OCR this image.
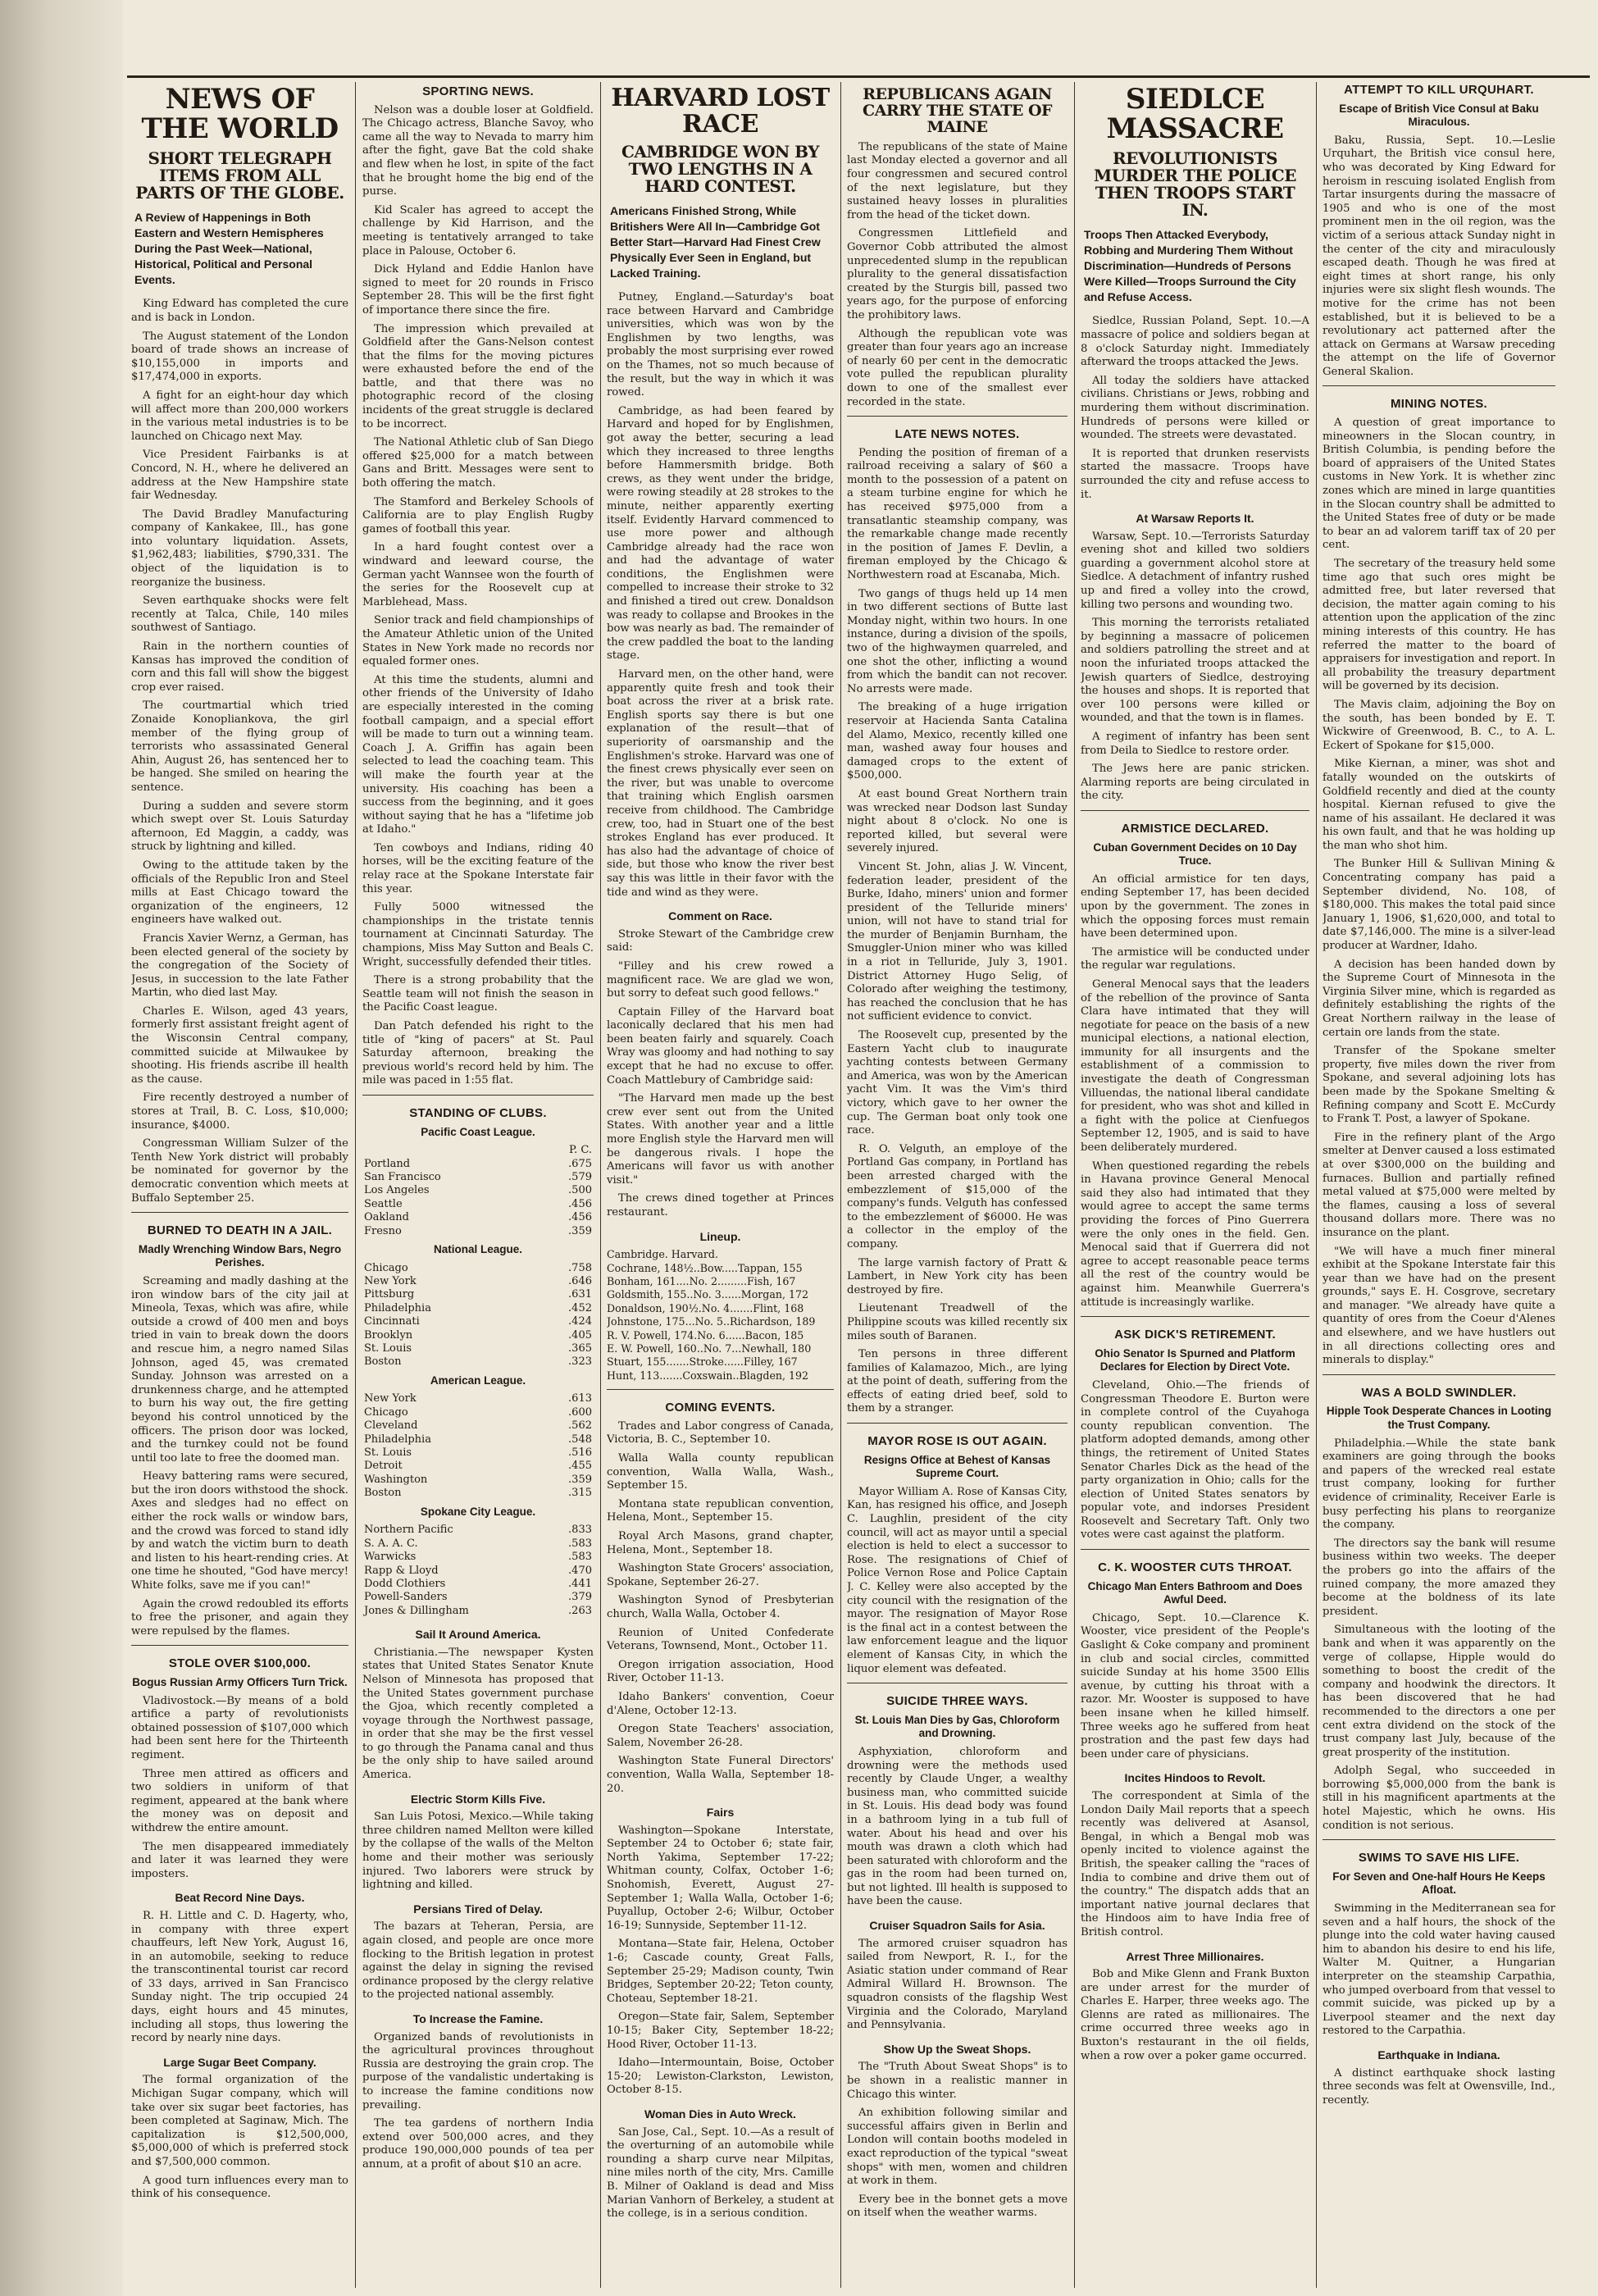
NEWS OF THE WORLD
SHORT TELEGRAPH ITEMS FROM ALL PARTS OF THE GLOBE.
A Review of Happenings in Both Eastern and Western Hemispheres During the Past Week—National, Historical, Political and Personal Events.

King Edward has completed the cure and is back in London.

The August statement of the London board of trade shows an increase of $10,155,000 in imports and $17,474,000 in exports.

A fight for an eight-hour day which will affect more than 200,000 workers in the various metal industries is to be launched on Chicago next May.

Vice President Fairbanks is at Concord, N. H., where he delivered an address at the New Hampshire state fair Wednesday.

The David Bradley Manufacturing company of Kankakee, Ill., has gone into voluntary liquidation. Assets, $1,962,483; liabilities, $790,331. The object of the liquidation is to reorganize the business.

Seven earthquake shocks were felt recently at Talca, Chile, 140 miles southwest of Santiago.

Rain in the northern counties of Kansas has improved the condition of corn and this fall will show the biggest crop ever raised.

The courtmartial which tried Zonaide Konopliankova, the girl member of the flying group of terrorists who assassinated General Ahin, August 26, has sentenced her to be hanged. She smiled on hearing the sentence.

During a sudden and severe storm which swept over St. Louis Saturday afternoon, Ed Maggin, a caddy, was struck by lightning and killed.

Owing to the attitude taken by the officials of the Republic Iron and Steel mills at East Chicago toward the organization of the engineers, 12 engineers have walked out.

Francis Xavier Wernz, a German, has been elected general of the society by the congregation of the Society of Jesus, in succession to the late Father Martin, who died last May.

Charles E. Wilson, aged 43 years, formerly first assistant freight agent of the Wisconsin Central company, committed suicide at Milwaukee by shooting. His friends ascribe ill health as the cause.

Fire recently destroyed a number of stores at Trail, B. C. Loss, $10,000; insurance, $4000.

Congressman William Sulzer of the Tenth New York district will probably be nominated for governor by the democratic convention which meets at Buffalo September 25.

BURNED TO DEATH IN A JAIL.
Madly Wrenching Window Bars, Negro Perishes.

Screaming and madly dashing at the iron window bars of the city jail at Mineola, Texas, which was afire, while outside a crowd of 400 men and boys tried in vain to break down the doors and rescue him, a negro named Silas Johnson, aged 45, was cremated Sunday. Johnson was arrested on a drunkenness charge, and he attempted to burn his way out, the fire getting beyond his control unnoticed by the officers. The prison door was locked, and the turnkey could not be found until too late to free the doomed man.

Heavy battering rams were secured, but the iron doors withstood the shock. Axes and sledges had no effect on either the rock walls or window bars, and the crowd was forced to stand idly by and watch the victim burn to death and listen to his heart-rending cries. At one time he shouted, "God have mercy! White folks, save me if you can!"

Again the crowd redoubled its efforts to free the prisoner, and again they were repulsed by the flames.

STOLE OVER $100,000.
Bogus Russian Army Officers Turn Trick.

Vladivostock.—By means of a bold artifice a party of revolutionists obtained possession of $107,000 which had been sent here for the Thirteenth regiment.

Three men attired as officers and two soldiers in uniform of that regiment, appeared at the bank where the money was on deposit and withdrew the entire amount.

The men disappeared immediately and later it was learned they were imposters.

Beat Record Nine Days.

R. H. Little and C. D. Hagerty, who, in company with three expert chauffeurs, left New York, August 16, in an automobile, seeking to reduce the transcontinental tourist car record of 33 days, arrived in San Francisco Sunday night. The trip occupied 24 days, eight hours and 45 minutes, including all stops, thus lowering the record by nearly nine days.

Large Sugar Beet Company.

The formal organization of the Michigan Sugar company, which will take over six sugar beet factories, has been completed at Saginaw, Mich. The capitalization is $12,500,000, $5,000,000 of which is preferred stock and $7,500,000 common.

A good turn influences every man to think of his consequence.

SPORTING NEWS.

Nelson was a double loser at Goldfield. The Chicago actress, Blanche Savoy, who came all the way to Nevada to marry him after the fight, gave Bat the cold shake and flew when he lost, in spite of the fact that he brought home the big end of the purse.

Kid Scaler has agreed to accept the challenge by Kid Harrison, and the meeting is tentatively arranged to take place in Palouse, October 6.

Dick Hyland and Eddie Hanlon have signed to meet for 20 rounds in Frisco September 28. This will be the first fight of importance there since the fire.

The impression which prevailed at Goldfield after the Gans-Nelson contest that the films for the moving pictures were exhausted before the end of the battle, and that there was no photographic record of the closing incidents of the great struggle is declared to be incorrect.

The National Athletic club of San Diego offered $25,000 for a match between Gans and Britt. Messages were sent to both offering the match.

The Stamford and Berkeley Schools of California are to play English Rugby games of football this year.

In a hard fought contest over a windward and leeward course, the German yacht Wannsee won the fourth of the series for the Roosevelt cup at Marblehead, Mass.

Senior track and field championships of the Amateur Athletic union of the United States in New York made no records nor equaled former ones.

At this time the students, alumni and other friends of the University of Idaho are especially interested in the coming football campaign, and a special effort will be made to turn out a winning team. Coach J. A. Griffin has again been selected to lead the coaching team. This will make the fourth year at the university. His coaching has been a success from the beginning, and it goes without saying that he has a "lifetime job at Idaho."

Ten cowboys and Indians, riding 40 horses, will be the exciting feature of the relay race at the Spokane Interstate fair this year.

Fully 5000 witnessed the championships in the tristate tennis tournament at Cincinnati Saturday. The champions, Miss May Sutton and Beals C. Wright, successfully defended their titles.

There is a strong probability that the Seattle team will not finish the season in the Pacific Coast league.

Dan Patch defended his right to the title of "king of pacers" at St. Paul Saturday afternoon, breaking the previous world's record held by him. The mile was paced in 1:55 flat.

STANDING OF CLUBS.
Pacific Coast League.
	P. C.
Portland	.675
San Francisco	.579
Los Angeles	.500
Seattle	.456
Oakland	.456
Fresno	.359
National League.
Chicago	.758
New York	.646
Pittsburg	.631
Philadelphia	.452
Cincinnati	.424
Brooklyn	.405
St. Louis	.365
Boston	.323
American League.
New York	.613
Chicago	.600
Cleveland	.562
Philadelphia	.548
St. Louis	.516
Detroit	.455
Washington	.359
Boston	.315
Spokane City League.
Northern Pacific	.833
S. A. A. C.	.583
Warwicks	.583
Rapp & Lloyd	.470
Dodd Clothiers	.441
Powell-Sanders	.379
Jones & Dillingham	.263
Sail It Around America.

Christiania.—The newspaper Kysten states that United States Senator Knute Nelson of Minnesota has proposed that the United States government purchase the Gjoa, which recently completed a voyage through the Northwest passage, in order that she may be the first vessel to go through the Panama canal and thus be the only ship to have sailed around America.

Electric Storm Kills Five.

San Luis Potosi, Mexico.—While taking three children named Mellton were killed by the collapse of the walls of the Melton home and their mother was seriously injured. Two laborers were struck by lightning and killed.

Persians Tired of Delay.

The bazars at Teheran, Persia, are again closed, and people are once more flocking to the British legation in protest against the delay in signing the revised ordinance proposed by the clergy relative to the projected national assembly.

To Increase the Famine.

Organized bands of revolutionists in the agricultural provinces throughout Russia are destroying the grain crop. The purpose of the vandalistic undertaking is to increase the famine conditions now prevailing.

The tea gardens of northern India extend over 500,000 acres, and they produce 190,000,000 pounds of tea per annum, at a profit of about $10 an acre.

HARVARD LOST RACE
CAMBRIDGE WON BY TWO LENGTHS IN A HARD CONTEST.
Americans Finished Strong, While Britishers Were All In—Cambridge Got Better Start—Harvard Had Finest Crew Physically Ever Seen in England, but Lacked Training.

Putney, England.—Saturday's boat race between Harvard and Cambridge universities, which was won by the Englishmen by two lengths, was probably the most surprising ever rowed on the Thames, not so much because of the result, but the way in which it was rowed.

Cambridge, as had been feared by Harvard and hoped for by Englishmen, got away the better, securing a lead which they increased to three lengths before Hammersmith bridge. Both crews, as they went under the bridge, were rowing steadily at 28 strokes to the minute, neither apparently exerting itself. Evidently Harvard commenced to use more power and although Cambridge already had the race won and had the advantage of water conditions, the Englishmen were compelled to increase their stroke to 32 and finished a tired out crew. Donaldson was ready to collapse and Brookes in the bow was nearly as bad. The remainder of the crew paddled the boat to the landing stage.

Harvard men, on the other hand, were apparently quite fresh and took their boat across the river at a brisk rate. English sports say there is but one explanation of the result—that of superiority of oarsmanship and the Englishmen's stroke. Harvard was one of the finest crews physically ever seen on the river, but was unable to overcome that training which English oarsmen receive from childhood. The Cambridge crew, too, had in Stuart one of the best strokes England has ever produced. It has also had the advantage of choice of side, but those who know the river best say this was little in their favor with the tide and wind as they were.

Comment on Race.

Stroke Stewart of the Cambridge crew said:

"Filley and his crew rowed a magnificent race. We are glad we won, but sorry to defeat such good fellows."

Captain Filley of the Harvard boat laconically declared that his men had been beaten fairly and squarely. Coach Wray was gloomy and had nothing to say except that he had no excuse to offer. Coach Mattlebury of Cambridge said:

"The Harvard men made up the best crew ever sent out from the United States. With another year and a little more English style the Harvard men will be dangerous rivals. I hope the Americans will favor us with another visit."

The crews dined together at Princes restaurant.

Lineup.
Cambridge. Harvard.
Cochrane, 148½..Bow.....Tappan, 155
Bonham, 161....No. 2.........Fish, 167
Goldsmith, 155..No. 3......Morgan, 172
Donaldson, 190½.No. 4.......Flint, 168
Johnstone, 175...No. 5..Richardson, 189
R. V. Powell, 174.No. 6......Bacon, 185
E. W. Powell, 160..No. 7...Newhall, 180
Stuart, 155.......Stroke......Filley, 167
Hunt, 113.......Coxswain..Blagden, 192
COMING EVENTS.

Trades and Labor congress of Canada, Victoria, B. C., September 10.

Walla Walla county republican convention, Walla Walla, Wash., September 15.

Montana state republican convention, Helena, Mont., September 15.

Royal Arch Masons, grand chapter, Helena, Mont., September 18.

Washington State Grocers' association, Spokane, September 26-27.

Washington Synod of Presbyterian church, Walla Walla, October 4.

Reunion of United Confederate Veterans, Townsend, Mont., October 11.

Oregon irrigation association, Hood River, October 11-13.

Idaho Bankers' convention, Coeur d'Alene, October 12-13.

Oregon State Teachers' association, Salem, November 26-28.

Washington State Funeral Directors' convention, Walla Walla, September 18-20.

Fairs

Washington—Spokane Interstate, September 24 to October 6; state fair, North Yakima, September 17-22; Whitman county, Colfax, October 1-6; Snohomish, Everett, August 27-September 1; Walla Walla, October 1-6; Puyallup, October 2-6; Wilbur, October 16-19; Sunnyside, September 11-12.

Montana—State fair, Helena, October 1-6; Cascade county, Great Falls, September 25-29; Madison county, Twin Bridges, September 20-22; Teton county, Choteau, September 18-21.

Oregon—State fair, Salem, September 10-15; Baker City, September 18-22; Hood River, October 11-13.

Idaho—Intermountain, Boise, October 15-20; Lewiston-Clarkston, Lewiston, October 8-15.

Woman Dies in Auto Wreck.

San Jose, Cal., Sept. 10.—As a result of the overturning of an automobile while rounding a sharp curve near Milpitas, nine miles north of the city, Mrs. Camille B. Milner of Oakland is dead and Miss Marian Vanhorn of Berkeley, a student at the college, is in a serious condition.

REPUBLICANS AGAIN CARRY THE STATE OF MAINE

The republicans of the state of Maine last Monday elected a governor and all four congressmen and secured control of the next legislature, but they sustained heavy losses in pluralities from the head of the ticket down.

Congressmen Littlefield and Governor Cobb attributed the almost unprecedented slump in the republican plurality to the general dissatisfaction created by the Sturgis bill, passed two years ago, for the purpose of enforcing the prohibitory laws.

Although the republican vote was greater than four years ago an increase of nearly 60 per cent in the democratic vote pulled the republican plurality down to one of the smallest ever recorded in the state.

LATE NEWS NOTES.

Pending the position of fireman of a railroad receiving a salary of $60 a month to the possession of a patent on a steam turbine engine for which he has received $975,000 from a transatlantic steamship company, was the remarkable change made recently in the position of James F. Devlin, a fireman employed by the Chicago & Northwestern road at Escanaba, Mich.

Two gangs of thugs held up 14 men in two different sections of Butte last Monday night, within two hours. In one instance, during a division of the spoils, two of the highwaymen quarreled, and one shot the other, inflicting a wound from which the bandit can not recover. No arrests were made.

The breaking of a huge irrigation reservoir at Hacienda Santa Catalina del Alamo, Mexico, recently killed one man, washed away four houses and damaged crops to the extent of $500,000.

At east bound Great Northern train was wrecked near Dodson last Sunday night about 8 o'clock. No one is reported killed, but several were severely injured.

Vincent St. John, alias J. W. Vincent, federation leader, president of the Burke, Idaho, miners' union and former president of the Telluride miners' union, will not have to stand trial for the murder of Benjamin Burnham, the Smuggler-Union miner who was killed in a riot in Telluride, July 3, 1901. District Attorney Hugo Selig, of Colorado after weighing the testimony, has reached the conclusion that he has not sufficient evidence to convict.

The Roosevelt cup, presented by the Eastern Yacht club to inaugurate yachting contests between Germany and America, was won by the American yacht Vim. It was the Vim's third victory, which gave to her owner the cup. The German boat only took one race.

R. O. Velguth, an employe of the Portland Gas company, in Portland has been arrested charged with the embezzlement of $15,000 of the company's funds. Velguth has confessed to the embezzlement of $6000. He was a collector in the employ of the company.

The large varnish factory of Pratt & Lambert, in New York city has been destroyed by fire.

Lieutenant Treadwell of the Philippine scouts was killed recently six miles south of Baranen.

Ten persons in three different families of Kalamazoo, Mich., are lying at the point of death, suffering from the effects of eating dried beef, sold to them by a stranger.

MAYOR ROSE IS OUT AGAIN.
Resigns Office at Behest of Kansas Supreme Court.

Mayor William A. Rose of Kansas City, Kan, has resigned his office, and Joseph C. Laughlin, president of the city council, will act as mayor until a special election is held to elect a successor to Rose. The resignations of Chief of Police Vernon Rose and Police Captain J. C. Kelley were also accepted by the city council with the resignation of the mayor. The resignation of Mayor Rose is the final act in a contest between the law enforcement league and the liquor element of Kansas City, in which the liquor element was defeated.

SUICIDE THREE WAYS.
St. Louis Man Dies by Gas, Chloroform and Drowning.

Asphyxiation, chloroform and drowning were the methods used recently by Claude Unger, a wealthy business man, who committed suicide in St. Louis. His dead body was found in a bathroom lying in a tub full of water. About his head and over his mouth was drawn a cloth which had been saturated with chloroform and the gas in the room had been turned on, but not lighted. Ill health is supposed to have been the cause.

Cruiser Squadron Sails for Asia.

The armored cruiser squadron has sailed from Newport, R. I., for the Asiatic station under command of Rear Admiral Willard H. Brownson. The squadron consists of the flagship West Virginia and the Colorado, Maryland and Pennsylvania.

Show Up the Sweat Shops.

The "Truth About Sweat Shops" is to be shown in a realistic manner in Chicago this winter.

An exhibition following similar and successful affairs given in Berlin and London will contain booths modeled in exact reproduction of the typical "sweat shops" with men, women and children at work in them.

Every bee in the bonnet gets a move on itself when the weather warms.

SIEDLCE MASSACRE
REVOLUTIONISTS MURDER THE POLICE THEN TROOPS START IN.
Troops Then Attacked Everybody, Robbing and Murdering Them Without Discrimination—Hundreds of Persons Were Killed—Troops Surround the City and Refuse Access.

Siedlce, Russian Poland, Sept. 10.—A massacre of police and soldiers began at 8 o'clock Saturday night. Immediately afterward the troops attacked the Jews.

All today the soldiers have attacked civilians. Christians or Jews, robbing and murdering them without discrimination. Hundreds of persons were killed or wounded. The streets were devastated.

It is reported that drunken reservists started the massacre. Troops have surrounded the city and refuse access to it.

At Warsaw Reports It.

Warsaw, Sept. 10.—Terrorists Saturday evening shot and killed two soldiers guarding a government alcohol store at Siedlce. A detachment of infantry rushed up and fired a volley into the crowd, killing two persons and wounding two.

This morning the terrorists retaliated by beginning a massacre of policemen and soldiers patrolling the street and at noon the infuriated troops attacked the Jewish quarters of Siedlce, destroying the houses and shops. It is reported that over 100 persons were killed or wounded, and that the town is in flames.

A regiment of infantry has been sent from Deila to Siedlce to restore order.

The Jews here are panic stricken. Alarming reports are being circulated in the city.

ARMISTICE DECLARED.
Cuban Government Decides on 10 Day Truce.

An official armistice for ten days, ending September 17, has been decided upon by the government. The zones in which the opposing forces must remain have been determined upon.

The armistice will be conducted under the regular war regulations.

General Menocal says that the leaders of the rebellion of the province of Santa Clara have intimated that they will negotiate for peace on the basis of a new municipal elections, a national election, immunity for all insurgents and the establishment of a commission to investigate the death of Congressman Villuendas, the national liberal candidate for president, who was shot and killed in a fight with the police at Cienfuegos September 12, 1905, and is said to have been deliberately murdered.

When questioned regarding the rebels in Havana province General Menocal said they also had intimated that they would agree to accept the same terms providing the forces of Pino Guerrera were the only ones in the field. Gen. Menocal said that if Guerrera did not agree to accept reasonable peace terms all the rest of the country would be against him. Meanwhile Guerrera's attitude is increasingly warlike.

ASK DICK'S RETIREMENT.
Ohio Senator Is Spurned and Platform Declares for Election by Direct Vote.

Cleveland, Ohio.—The friends of Congressman Theodore E. Burton were in complete control of the Cuyahoga county republican convention. The platform adopted demands, among other things, the retirement of United States Senator Charles Dick as the head of the party organization in Ohio; calls for the election of United States senators by popular vote, and indorses President Roosevelt and Secretary Taft. Only two votes were cast against the platform.

C. K. WOOSTER CUTS THROAT.
Chicago Man Enters Bathroom and Does Awful Deed.

Chicago, Sept. 10.—Clarence K. Wooster, vice president of the People's Gaslight & Coke company and prominent in club and social circles, committed suicide Sunday at his home 3500 Ellis avenue, by cutting his throat with a razor. Mr. Wooster is supposed to have been insane when he killed himself. Three weeks ago he suffered from heat prostration and the past few days had been under care of physicians.

Incites Hindoos to Revolt.

The correspondent at Simla of the London Daily Mail reports that a speech recently was delivered at Asansol, Bengal, in which a Bengal mob was openly incited to violence against the British, the speaker calling the "races of India to combine and drive them out of the country." The dispatch adds that an important native journal declares that the Hindoos aim to have India free of British control.

Arrest Three Millionaires.

Bob and Mike Glenn and Frank Buxton are under arrest for the murder of Charles E. Harper, three weeks ago. The Glenns are rated as millionaires. The crime occurred three weeks ago in Buxton's restaurant in the oil fields, when a row over a poker game occurred.

ATTEMPT TO KILL URQUHART.
Escape of British Vice Consul at Baku Miraculous.

Baku, Russia, Sept. 10.—Leslie Urquhart, the British vice consul here, who was decorated by King Edward for heroism in rescuing isolated English from Tartar insurgents during the massacre of 1905 and who is one of the most prominent men in the oil region, was the victim of a serious attack Sunday night in the center of the city and miraculously escaped death. Though he was fired at eight times at short range, his only injuries were six slight flesh wounds. The motive for the crime has not been established, but it is believed to be a revolutionary act patterned after the attack on Germans at Warsaw preceding the attempt on the life of Governor General Skalion.

MINING NOTES.

A question of great importance to mineowners in the Slocan country, in British Columbia, is pending before the board of appraisers of the United States customs in New York. It is whether zinc zones which are mined in large quantities in the Slocan country shall be admitted to the United States free of duty or be made to bear an ad valorem tariff tax of 20 per cent.

The secretary of the treasury held some time ago that such ores might be admitted free, but later reversed that decision, the matter again coming to his attention upon the application of the zinc mining interests of this country. He has referred the matter to the board of appraisers for investigation and report. In all probability the treasury department will be governed by its decision.

The Mavis claim, adjoining the Boy on the south, has been bonded by E. T. Wickwire of Greenwood, B. C., to A. L. Eckert of Spokane for $15,000.

Mike Kiernan, a miner, was shot and fatally wounded on the outskirts of Goldfield recently and died at the county hospital. Kiernan refused to give the name of his assailant. He declared it was his own fault, and that he was holding up the man who shot him.

The Bunker Hill & Sullivan Mining & Concentrating company has paid a September dividend, No. 108, of $180,000. This makes the total paid since January 1, 1906, $1,620,000, and total to date $7,146,000. The mine is a silver-lead producer at Wardner, Idaho.

A decision has been handed down by the Supreme Court of Minnesota in the Virginia Silver mine, which is regarded as definitely establishing the rights of the Great Northern railway in the lease of certain ore lands from the state.

Transfer of the Spokane smelter property, five miles down the river from Spokane, and several adjoining lots has been made by the Spokane Smelting & Refining company and Scott E. McCurdy to Frank T. Post, a lawyer of Spokane.

Fire in the refinery plant of the Argo smelter at Denver caused a loss estimated at over $300,000 on the building and furnaces. Bullion and partially refined metal valued at $75,000 were melted by the flames, causing a loss of several thousand dollars more. There was no insurance on the plant.

"We will have a much finer mineral exhibit at the Spokane Interstate fair this year than we have had on the present grounds," says E. H. Cosgrove, secretary and manager. "We already have quite a quantity of ores from the Coeur d'Alenes and elsewhere, and we have hustlers out in all directions collecting ores and minerals to display."

WAS A BOLD SWINDLER.
Hipple Took Desperate Chances in Looting the Trust Company.

Philadelphia.—While the state bank examiners are going through the books and papers of the wrecked real estate trust company, looking for further evidence of criminality, Receiver Earle is busy perfecting his plans to reorganize the company.

The directors say the bank will resume business within two weeks. The deeper the probers go into the affairs of the ruined company, the more amazed they become at the boldness of its late president.

Simultaneous with the looting of the bank and when it was apparently on the verge of collapse, Hipple would do something to boost the credit of the company and hoodwink the directors. It has been discovered that he had recommended to the directors a one per cent extra dividend on the stock of the trust company last July, because of the great prosperity of the institution.

Adolph Segal, who succeeded in borrowing $5,000,000 from the bank is still in his magnificent apartments at the hotel Majestic, which he owns. His condition is not serious.

SWIMS TO SAVE HIS LIFE.
For Seven and One-half Hours He Keeps Afloat.

Swimming in the Mediterranean sea for seven and a half hours, the shock of the plunge into the cold water having caused him to abandon his desire to end his life, Walter M. Quitner, a Hungarian interpreter on the steamship Carpathia, who jumped overboard from that vessel to commit suicide, was picked up by a Liverpool steamer and the next day restored to the Carpathia.

Earthquake in Indiana.

A distinct earthquake shock lasting three seconds was felt at Owensville, Ind., recently.
